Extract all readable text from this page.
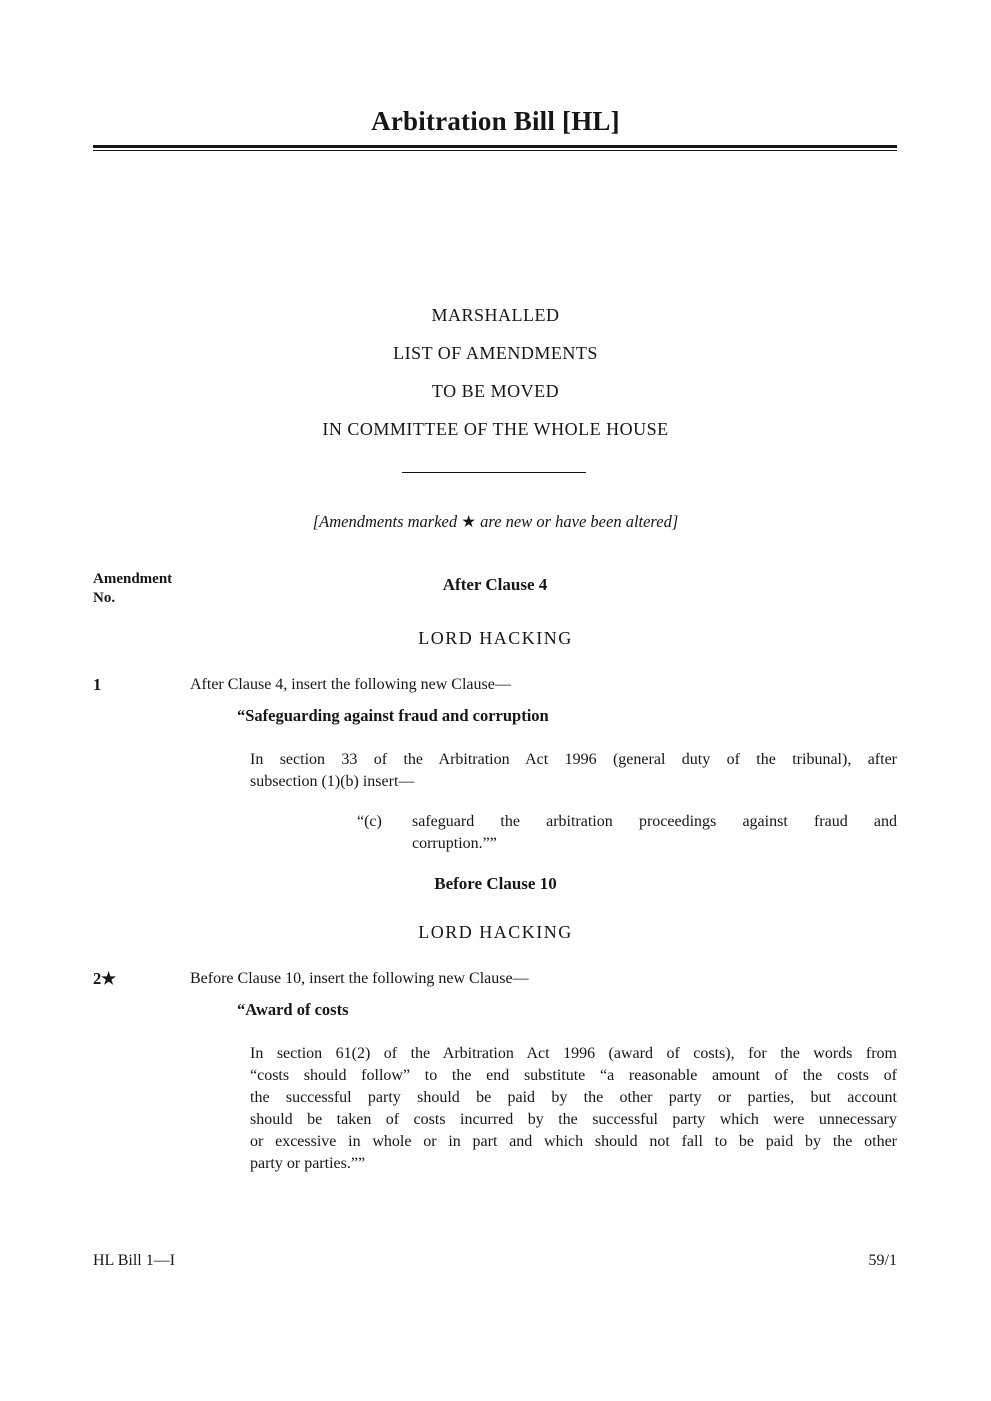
Arbitration Bill [HL]
MARSHALLED
LIST OF AMENDMENTS
TO BE MOVED
IN COMMITTEE OF THE WHOLE HOUSE
[Amendments marked ★ are new or have been altered]
Amendment
No.
After Clause 4
LORD HACKING
1	After Clause 4, insert the following new Clause—
“Safeguarding against fraud and corruption
In section 33 of the Arbitration Act 1996 (general duty of the tribunal), after
subsection (1)(b) insert—
“(c)	safeguard the arbitration proceedings against fraud and
corruption.””
Before Clause 10
LORD HACKING
2★	Before Clause 10, insert the following new Clause—
“Award of costs
In section 61(2) of the Arbitration Act 1996 (award of costs), for the words from
“costs should follow” to the end substitute “a reasonable amount of the costs of
the successful party should be paid by the other party or parties, but account
should be taken of costs incurred by the successful party which were unnecessary
or excessive in whole or in part and which should not fall to be paid by the other
party or parties.””
HL Bill 1—I	59/1
